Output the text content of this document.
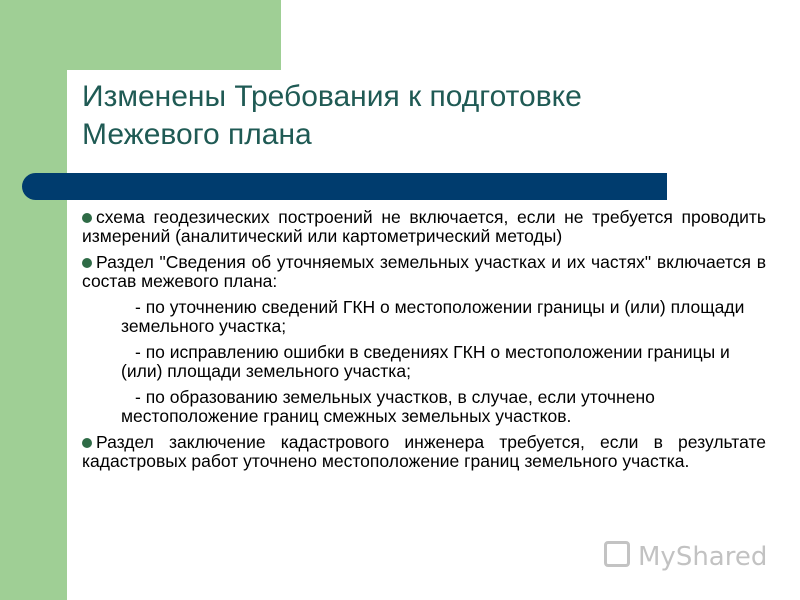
Изменены Требования к подготовке
Межевого плана

схема геодезических построений не включается, если не требуется проводить измерений (аналитический или картометрический методы)

Раздел "Сведения об уточняемых земельных участках и их частях" включается в состав межевого плана:

- по уточнению сведений ГКН о местоположении границы и (или) площади земельного участка;

- по исправлению ошибки в сведениях ГКН о местоположении границы и (или) площади земельного участка;

- по образованию земельных участков, в случае, если уточнено местоположение границ смежных земельных участков.

Раздел заключение кадастрового инженера требуется, если в результате кадастровых работ уточнено местоположение границ земельного участка.

MyShared
